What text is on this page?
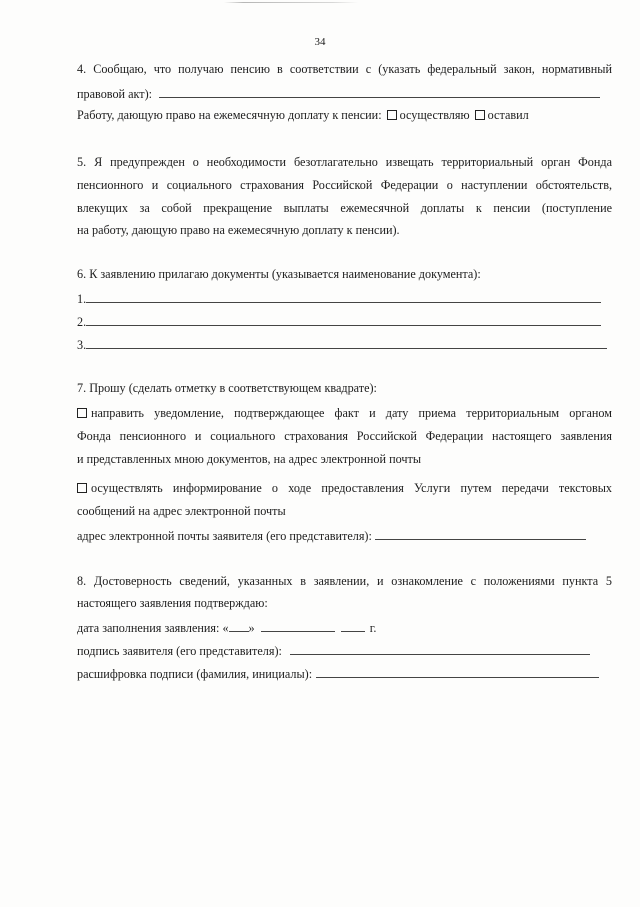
34
4. Сообщаю, что получаю пенсию в соответствии с (указать федеральный закон, нормативный
правовой акт):
Работу, дающую право на ежемесячную доплату к пенсии: осуществляю оставил
5. Я предупрежден о необходимости безотлагательно извещать территориальный орган Фонда
пенсионного и социального страхования Российской Федерации о наступлении обстоятельств,
влекущих за собой прекращение выплаты ежемесячной доплаты к пенсии (поступление
на работу, дающую право на ежемесячную доплату к пенсии).
6. К заявлению прилагаю документы (указывается наименование документа):
1.
2.
3.
7. Прошу (сделать отметку в соответствующем квадрате):
направить уведомление, подтверждающее факт и дату приема территориальным органом
Фонда пенсионного и социального страхования Российской Федерации настоящего заявления
и представленных мною документов, на адрес электронной почты
осуществлять информирование о ходе предоставления Услуги путем передачи текстовых
сообщений на адрес электронной почты
адрес электронной почты заявителя (его представителя):
8. Достоверность сведений, указанных в заявлении, и ознакомление с положениями пункта 5
настоящего заявления подтверждаю:
дата заполнения заявления: « »	г.
подпись заявителя (его представителя):
расшифровка подписи (фамилия, инициалы):
